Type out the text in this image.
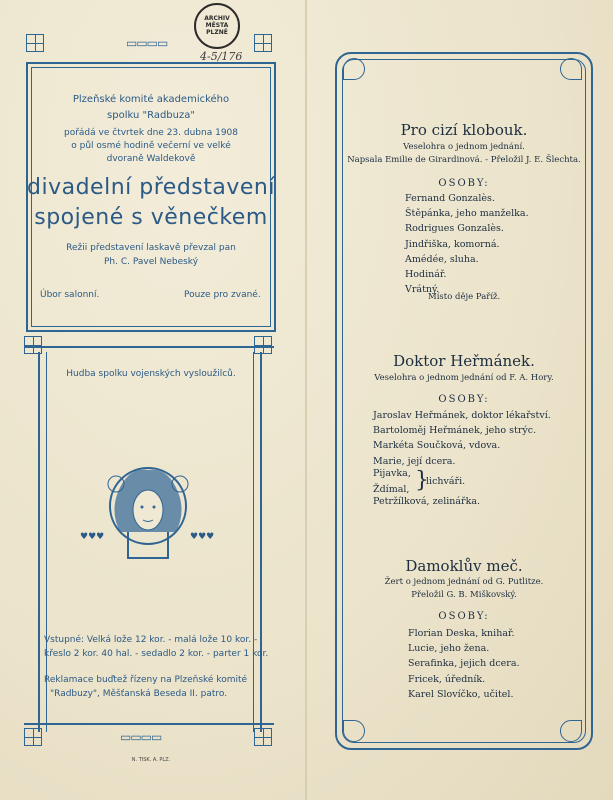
ARCHIV MĚSTA PLZNĚ
4-5/176
▭▭▭▭
Plzeňské komité akademického
spolku "Radbuza"
pořádá ve čtvrtek dne 23. dubna 1908
o půl osmé hodině večerní ve velké
dvoraně Waldekově
divadelní představení
spojené s věnečkem
Režii představení laskavě převzal pan
Ph. C. Pavel Nebeský
Úbor salonní.	Pouze pro zvané.
Hudba spolku vojenských vysloužilců.
♥♥♥	♥♥♥
Vstupné: Velká lože 12 kor. - malá lože 10 kor. -
křeslo 2 kor. 40 hal. - sedadlo 2 kor. - parter 1 kor.
Reklamace buďtež řízeny na Plzeňské komité
"Radbuzy", Měšťanská Beseda II. patro.
▭▭▭▭
N. TISK. A. PLZ.
Pro cizí klobouk.
Veselohra o jednom jednání.
Napsala Emilie de Girardinová. - Přeložil J. E. Šlechta.
OSOBY:
Fernand Gonzalès.
Štěpánka, jeho manželka.
Rodrigues Gonzalès.
Jindřiška, komorná.
Amédée, sluha.
Hodinář.
Vrátný.
Místo děje Paříž.
Doktor Heřmánek.
Veselohra o jednom jednání od F. A. Hory.
OSOBY:
Jaroslav Heřmánek, doktor lékařství.
Bartoloměj Heřmánek, jeho strýc.
Markéta Součková, vdova.
Marie, její dcera.
Pijavka,
Ždímal, }
lichváři.
Petržílková, zelinářka.
Damoklův meč.
Žert o jednom jednání od G. Putlitze.
Přeložil G. B. Miškovský.
OSOBY:
Florian Deska, knihař.
Lucie, jeho žena.
Serafinka, jejich dcera.
Fricek, úředník.
Karel Slovíčko, učitel.
